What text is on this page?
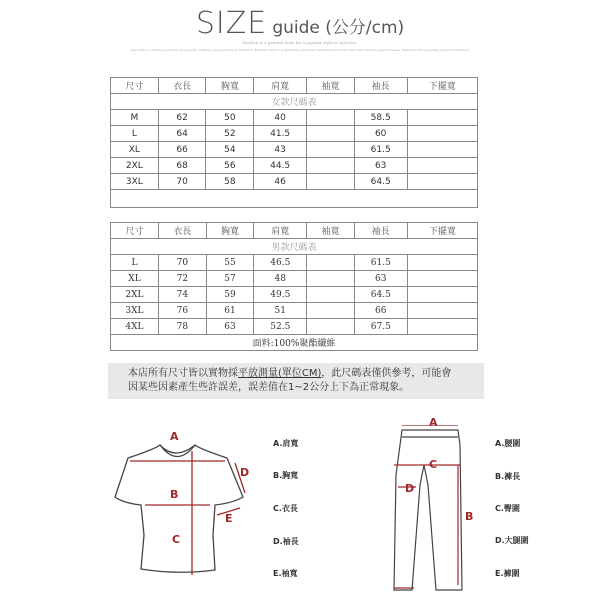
SIZE guide (公分/cm)
Fashion is a general term for a popular style or practice.
especially in clothing, footwear, accessories, makeup, body piercing or furniture. Fashion refers to a distinctive and often habitual trend in the style with which a person dresses. Fashion is the prevailing styles in behaviour.
尺寸	衣長	胸寬	肩寬	袖寬	袖長	下擺寬
女款尺碼表						
M	62	50	40		58.5	
L	64	52	41.5		60	
XL	66	54	43		61.5	
2XL	68	56	44.5		63	
3XL	70	58	46		64.5	

尺寸	衣長	胸寬	肩寬	袖寬	袖長	下擺寬
男款尺碼表						
L	70	55	46.5		61.5	
XL	72	57	48		63	
2XL	74	59	49.5		64.5	
3XL	76	61	51		66	
4XL	78	63	52.5		67.5	
面料:100%聚酯纖維						
本店所有尺寸皆以實物採平放測量(單位CM)，此尺碼表僅供參考，可能會
因某些因素產生些許誤差，誤差值在1~2公分上下為正常現象。
A
B
C
D
E
A.肩寬
B.胸寬
C.衣長
D.袖長
E.袖寬
A
C
D
B
A.腰圍
B.褲長
C.臀圍
D.大腿圍
E.褲圍
